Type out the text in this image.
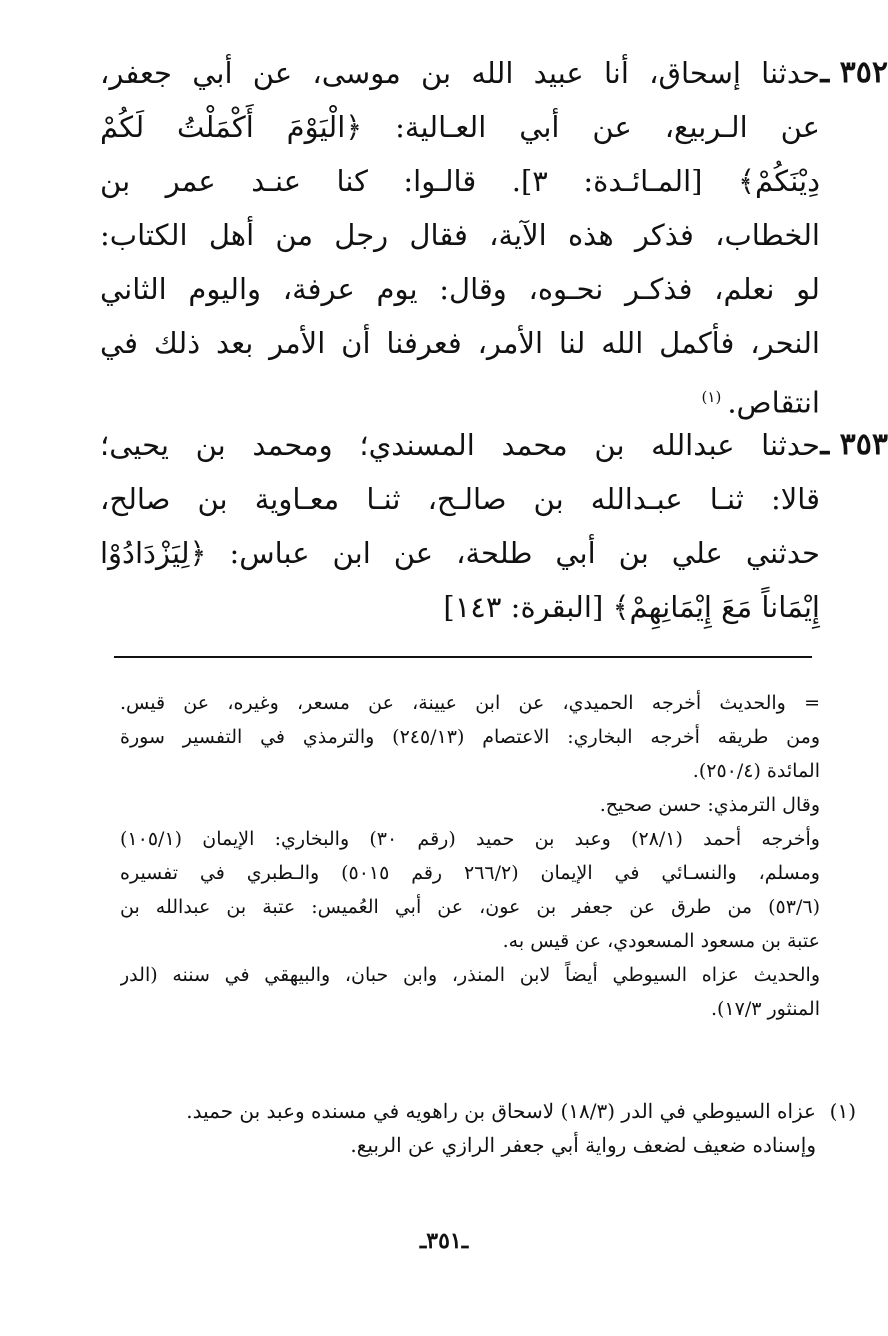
٣٥٢ ـ
حدثنا إسحاق، أنا عبيد الله بن موسى، عن أبي جعفر،
عن الـربيع، عن أبي العـالية: ﴿الْيَوْمَ أَكْمَلْتُ لَكُمْ
دِيْنَكُمْ﴾ [المـائـدة: ٣]. قالـوا: كنا عنـد عمر بن
الخطاب، فذكر هذه الآية، فقال رجل من أهل الكتاب:
لو نعلم، فذكـر نحـوه، وقال: يوم عرفة، واليوم الثاني
النحر، فأكمل الله لنا الأمر، فعرفنا أن الأمر بعد ذلك في
انتقاص.$^{(١)}$
٣٥٣ ـ
حدثنا عبدالله بن محمد المسندي؛ ومحمد بن يحيى؛
قالا: ثنـا عبـدالله بن صالـح، ثنـا معـاوية بن صالح،
حدثني علي بن أبي طلحة، عن ابن عباس: ﴿لِيَزْدَادُوْا
إِيْمَاناً مَعَ إِيْمَانِهِمْ﴾ [البقرة: ١٤٣]
= والحديث أخرجه الحميدي، عن ابن عيينة، عن مسعر، وغيره، عن قيس.
ومن طريقه أخرجه البخاري: الاعتصام (٢٤٥/١٣) والترمذي في التفسير سورة
المائدة (٢٥٠/٤).
وقال الترمذي: حسن صحيح.
وأخرجه أحمد (٢٨/١) وعبد بن حميد (رقم ٣٠) والبخاري: الإيمان (١٠٥/١)
ومسلم، والنسـائي في الإيمان (٢٦٦/٢ رقم ٥٠١٥) والـطبري في تفسيره
(٥٣/٦) من طرق عن جعفر بن عون، عن أبي العُميس: عتبة بن عبدالله بن
عتبة بن مسعود المسعودي، عن قيس به.
والحديث عزاه السيوطي أيضاً لابن المنذر، وابن حبان، والبيهقي في سننه (الدر
المنثور ١٧/٣).
(١)عزاه السيوطي في الدر (١٨/٣) لاسحاق بن راهويه في مسنده وعبد بن حميد.
وإسناده ضعيف لضعف رواية أبي جعفر الرازي عن الربيع.
ـ٣٥١ـ
